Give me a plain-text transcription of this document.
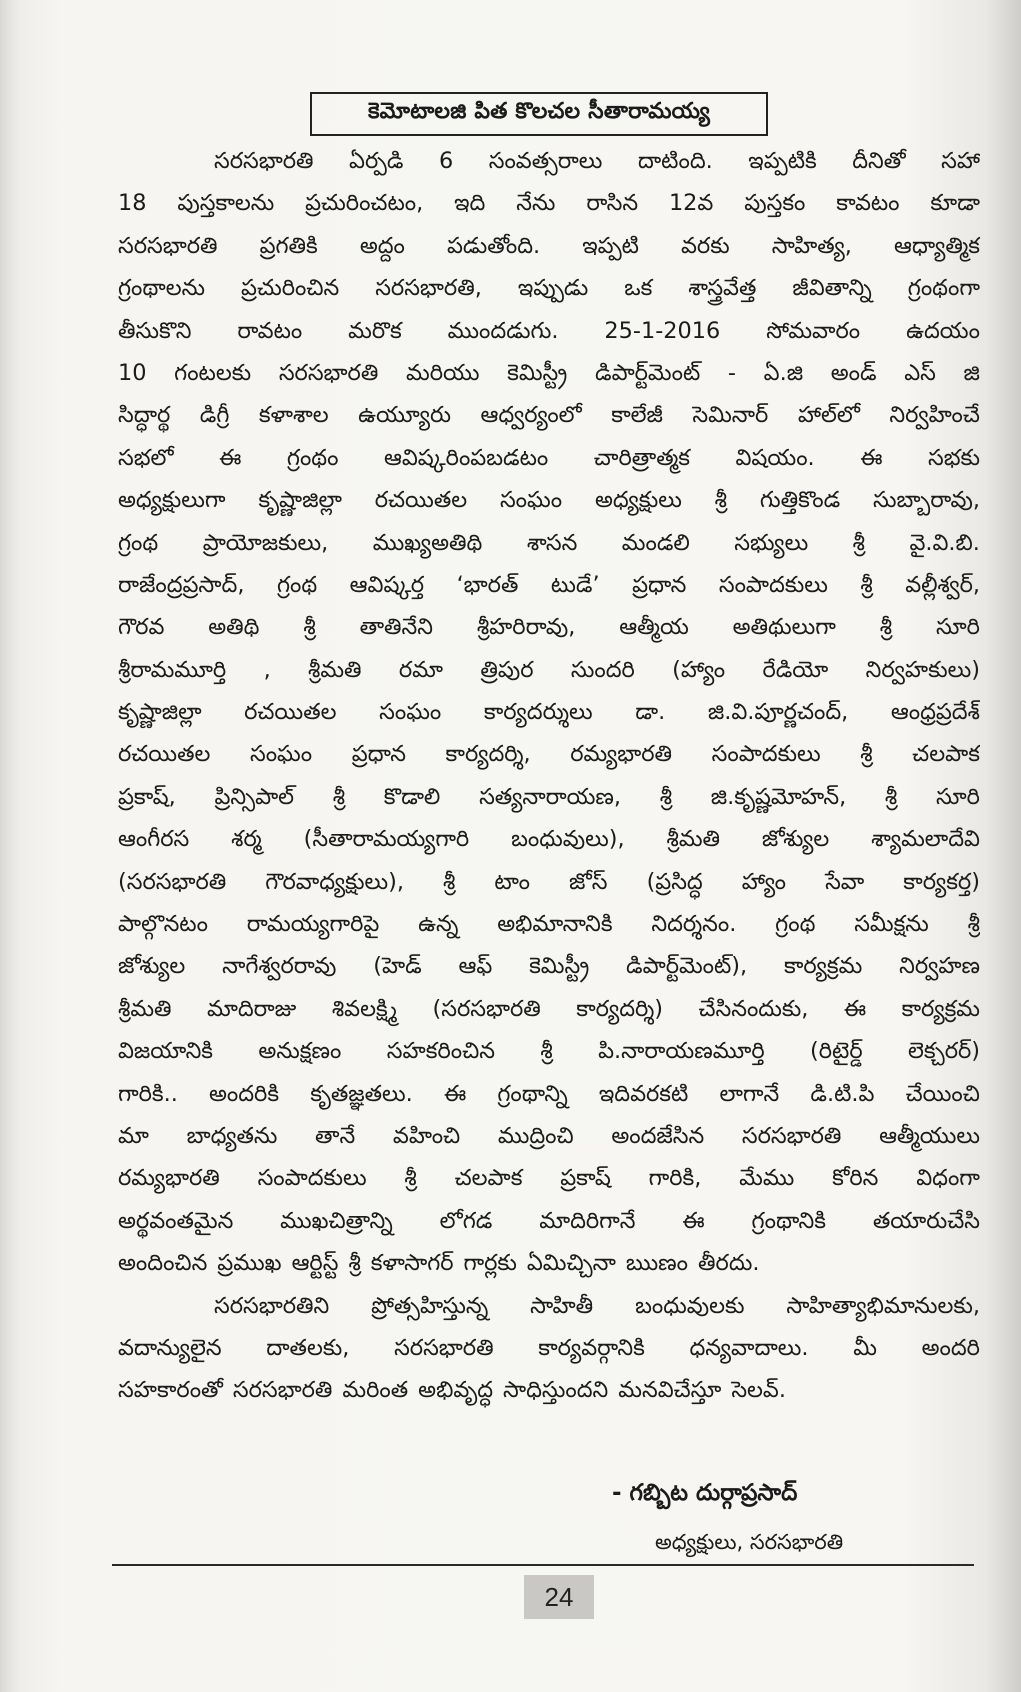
కెమోటాలజి పిత కొలచల సీతారామయ్య
సరసభారతి ఏర్పడి 6 సంవత్సరాలు దాటింది. ఇప్పటికి దీనితో సహా
18 పుస్తకాలను ప్రచురించటం, ఇది నేను రాసిన 12వ పుస్తకం కావటం కూడా
సరసభారతి ప్రగతికి అద్దం పడుతోంది. ఇప్పటి వరకు సాహిత్య, ఆధ్యాత్మిక
గ్రంథాలను ప్రచురించిన సరసభారతి, ఇప్పుడు ఒక శాస్త్రవేత్త జీవితాన్ని గ్రంథంగా
తీసుకొని రావటం మరొక ముందడుగు. 25-1-2016 సోమవారం ఉదయం
10 గంటలకు సరసభారతి మరియు కెమిస్ట్రీ డిపార్ట్‌మెంట్ - ఏ.జి అండ్ ఎస్ జి
సిద్ధార్థ డిగ్రీ కళాశాల ఉయ్యూరు ఆధ్వర్యంలో కాలేజీ సెమినార్ హాల్‌లో నిర్వహించే
సభలో ఈ గ్రంథం ఆవిష్కరింపబడటం చారిత్రాత్మక విషయం. ఈ సభకు
అధ్యక్షులుగా కృష్ణాజిల్లా రచయితల సంఘం అధ్యక్షులు శ్రీ గుత్తికొండ సుబ్బారావు,
గ్రంథ ప్రాయోజకులు, ముఖ్యఅతిథి శాసన మండలి సభ్యులు శ్రీ వై.వి.బి.
రాజేంద్రప్రసాద్, గ్రంథ ఆవిష్కర్త ‘భారత్ టుడే’ ప్రధాన సంపాదకులు శ్రీ వల్లీశ్వర్,
గౌరవ అతిథి శ్రీ తాతినేని శ్రీహరిరావు, ఆత్మీయ అతిథులుగా శ్రీ సూరి
శ్రీరామమూర్తి , శ్రీమతి రమా త్రిపుర సుందరి (హ్యాం రేడియో నిర్వహకులు)
కృష్ణాజిల్లా రచయితల సంఘం కార్యదర్శులు డా. జి.వి.పూర్ణచంద్, ఆంధ్రప్రదేశ్
రచయితల సంఘం ప్రధాన కార్యదర్శి, రమ్యభారతి సంపాదకులు శ్రీ చలపాక
ప్రకాష్, ప్రిన్సిపాల్ శ్రీ కొడాలి సత్యనారాయణ, శ్రీ జి.కృష్ణమోహన్, శ్రీ సూరి
ఆంగీరస శర్మ (సీతారామయ్యగారి బంధువులు), శ్రీమతి జోశ్యుల శ్యామలాదేవి
(సరసభారతి గౌరవాధ్యక్షులు), శ్రీ టాం జోస్ (ప్రసిద్ధ హ్యాం సేవా కార్యకర్త)
పాల్గొనటం రామయ్యగారిపై ఉన్న అభిమానానికి నిదర్శనం. గ్రంథ సమీక్షను శ్రీ
జోశ్యుల నాగేశ్వరరావు (హెడ్ ఆఫ్ కెమిస్ట్రీ డిపార్ట్‌మెంట్), కార్యక్రమ నిర్వహణ
శ్రీమతి మాదిరాజు శివలక్ష్మి (సరసభారతి కార్యదర్శి) చేసినందుకు, ఈ కార్యక్రమ
విజయానికి అనుక్షణం సహకరించిన శ్రీ పి.నారాయణమూర్తి (రిటైర్డ్ లెక్చరర్)
గారికి.. అందరికి కృతజ్ఞతలు. ఈ గ్రంథాన్ని ఇదివరకటి లాగానే డి.టి.పి చేయించి
మా బాధ్యతను తానే వహించి ముద్రించి అందజేసిన సరసభారతి ఆత్మీయులు
రమ్యభారతి సంపాదకులు శ్రీ చలపాక ప్రకాష్ గారికి, మేము కోరిన విధంగా
అర్థవంతమైన ముఖచిత్రాన్ని లోగడ మాదిరిగానే ఈ గ్రంథానికి తయారుచేసి
అందించిన ప్రముఖ ఆర్టిస్ట్ శ్రీ కళాసాగర్ గార్లకు ఏమిచ్చినా ఋణం తీరదు.
సరసభారతిని ప్రోత్సహిస్తున్న సాహితీ బంధువులకు సాహిత్యాభిమానులకు,
వదాన్యులైన దాతలకు, సరసభారతి కార్యవర్గానికి ధన్యవాదాలు. మీ అందరి
సహకారంతో సరసభారతి మరింత అభివృద్ధ సాధిస్తుందని మనవిచేస్తూ సెలవ్.
- గబ్బిట దుర్గాప్రసాద్
అధ్యక్షులు, సరసభారతి
24
